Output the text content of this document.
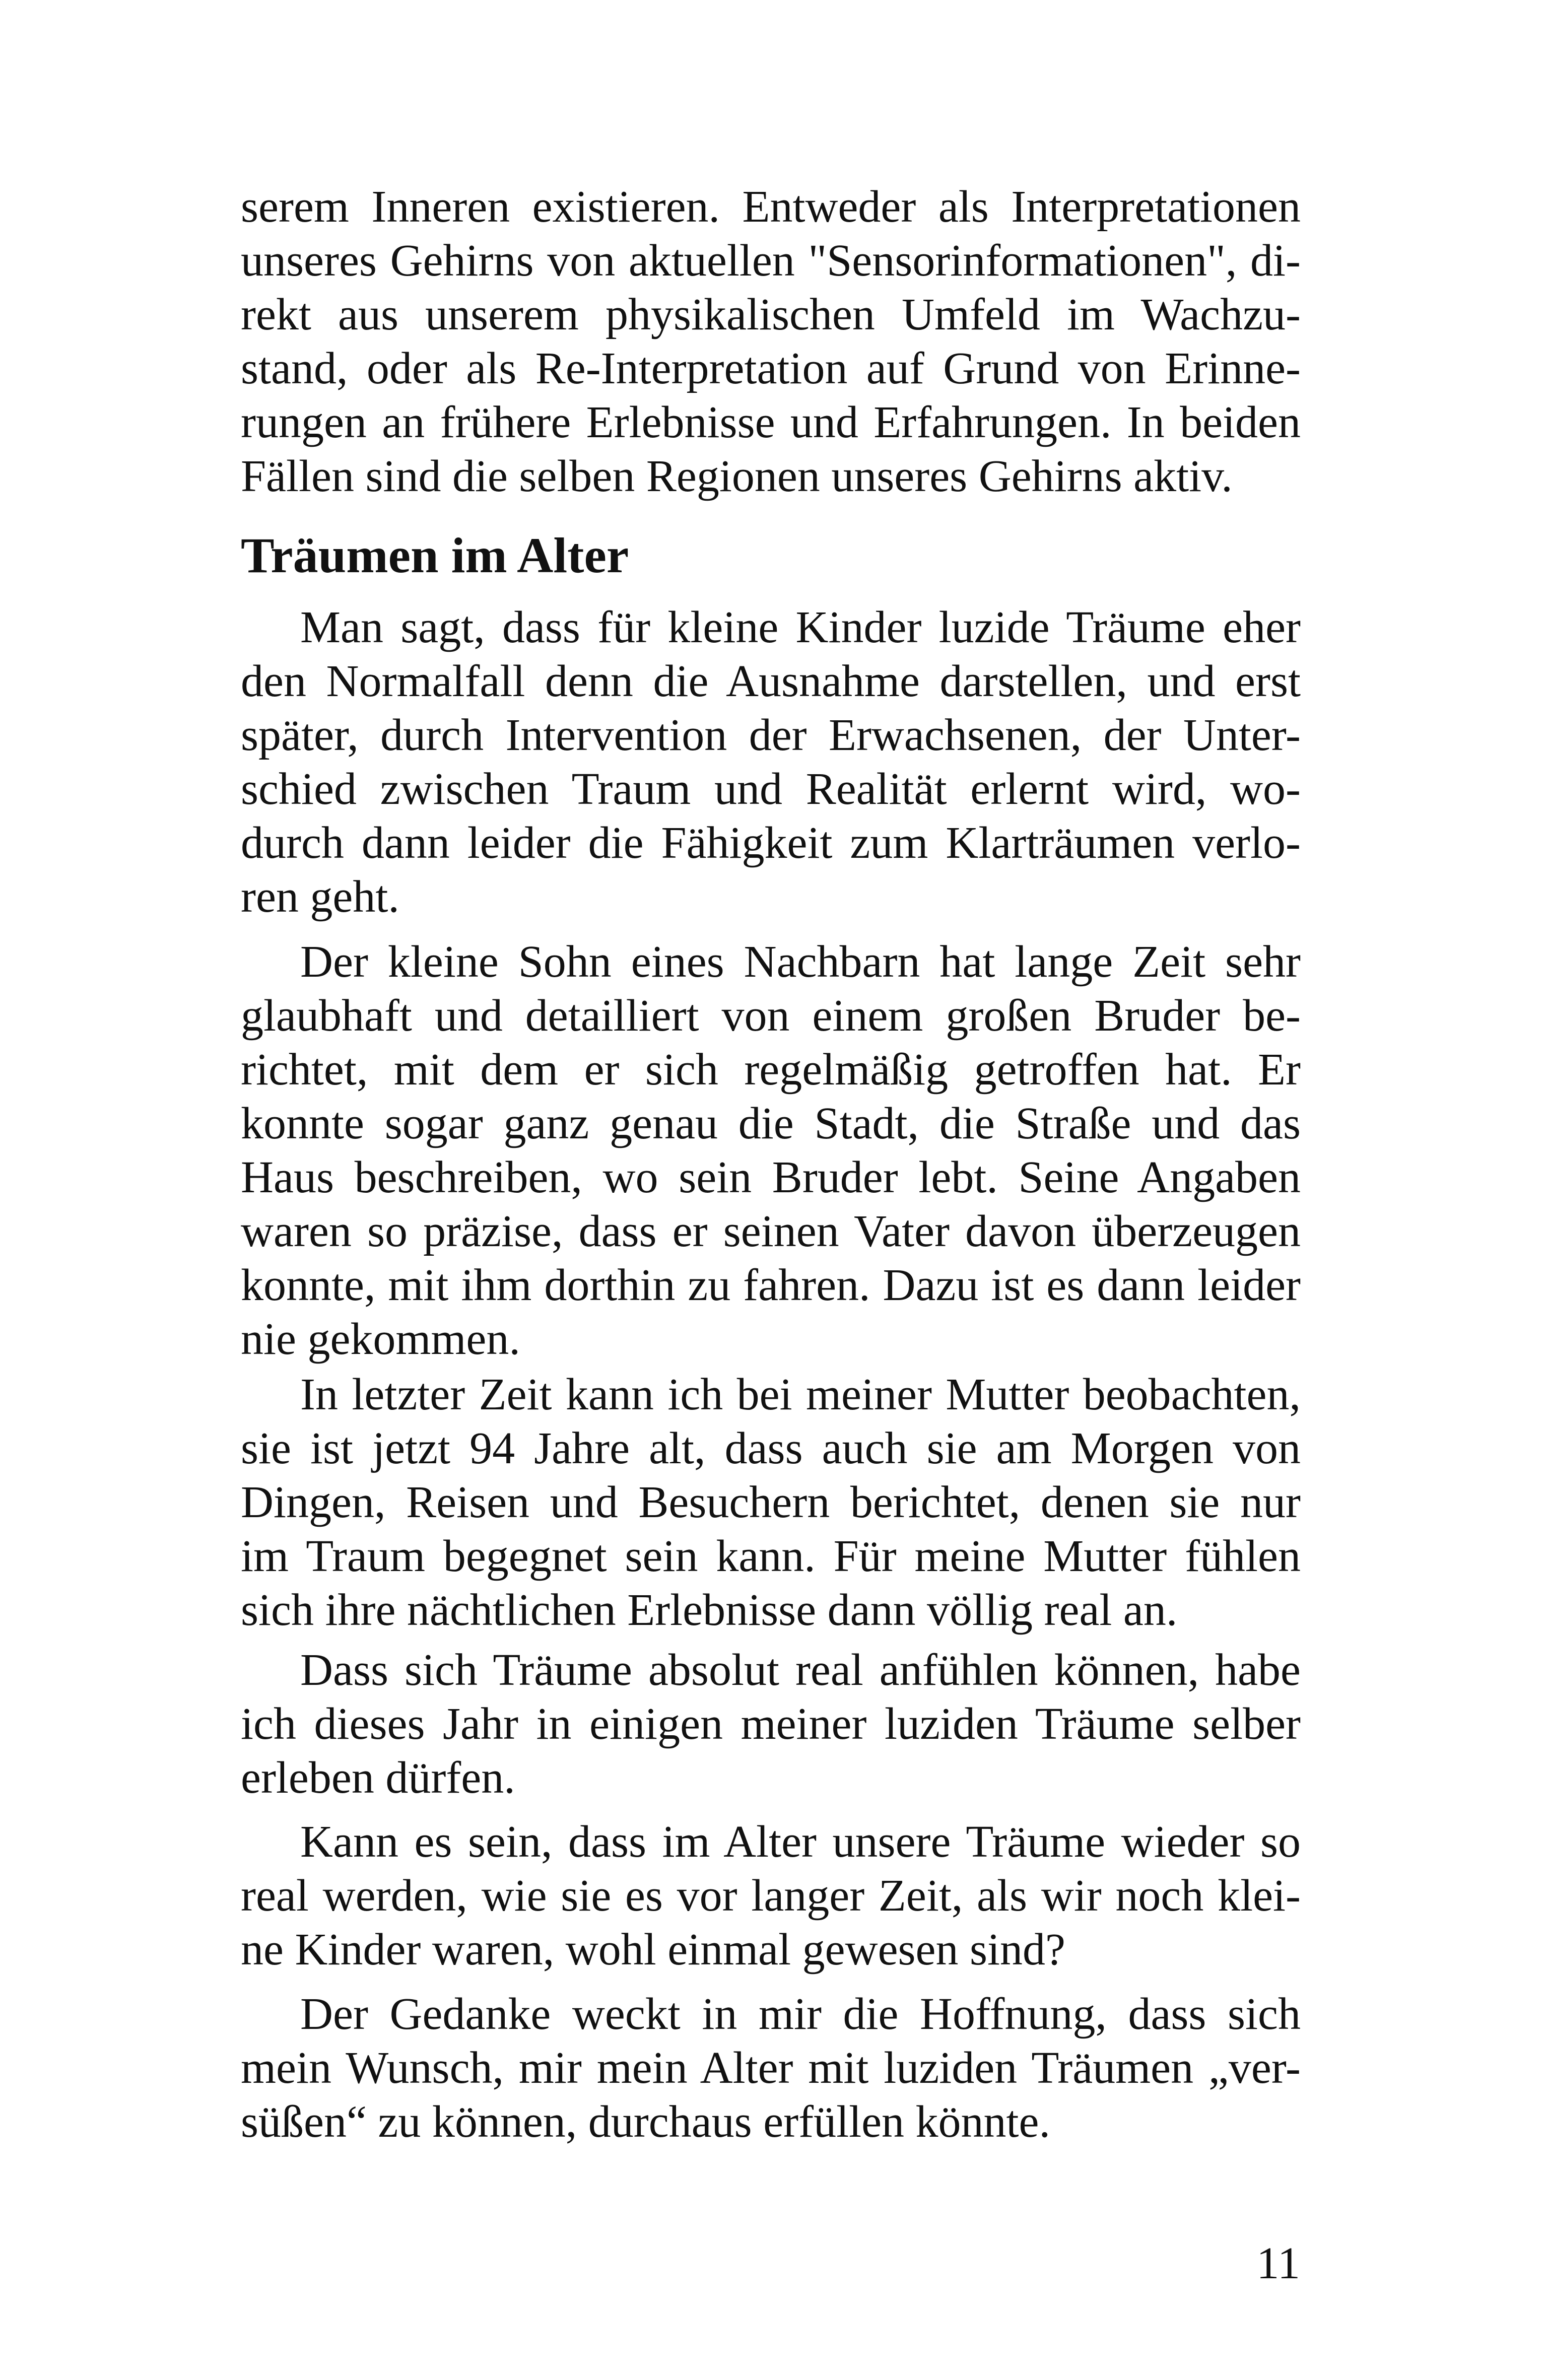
serem Inneren existieren. Entweder als Interpretationen
unseres Gehirns von aktuellen "Sensorinformationen", di-
rekt aus unserem physikalischen Umfeld im Wachzu-
stand, oder als Re-Interpretation auf Grund von Erinne-
rungen an frühere Erlebnisse und Erfahrungen. In beiden
Fällen sind die selben Regionen unseres Gehirns aktiv.
Träumen im Alter
Man sagt, dass für kleine Kinder luzide Träume eher
den Normalfall denn die Ausnahme darstellen, und erst
später, durch Intervention der Erwachsenen, der Unter-
schied zwischen Traum und Realität erlernt wird, wo-
durch dann leider die Fähigkeit zum Klarträumen verlo-
ren geht.
Der kleine Sohn eines Nachbarn hat lange Zeit sehr
glaubhaft und detailliert von einem großen Bruder be-
richtet, mit dem er sich regelmäßig getroffen hat. Er
konnte sogar ganz genau die Stadt, die Straße und das
Haus beschreiben, wo sein Bruder lebt. Seine Angaben
waren so präzise, dass er seinen Vater davon überzeugen
konnte, mit ihm dorthin zu fahren. Dazu ist es dann leider
nie gekommen.
In letzter Zeit kann ich bei meiner Mutter beobachten,
sie ist jetzt 94 Jahre alt, dass auch sie am Morgen von
Dingen, Reisen und Besuchern berichtet, denen sie nur
im Traum begegnet sein kann. Für meine Mutter fühlen
sich ihre nächtlichen Erlebnisse dann völlig real an.
Dass sich Träume absolut real anfühlen können, habe
ich dieses Jahr in einigen meiner luziden Träume selber
erleben dürfen.
Kann es sein, dass im Alter unsere Träume wieder so
real werden, wie sie es vor langer Zeit, als wir noch klei-
ne Kinder waren, wohl einmal gewesen sind?
Der Gedanke weckt in mir die Hoffnung, dass sich
mein Wunsch, mir mein Alter mit luziden Träumen „ver-
süßen“ zu können, durchaus erfüllen könnte.
11
